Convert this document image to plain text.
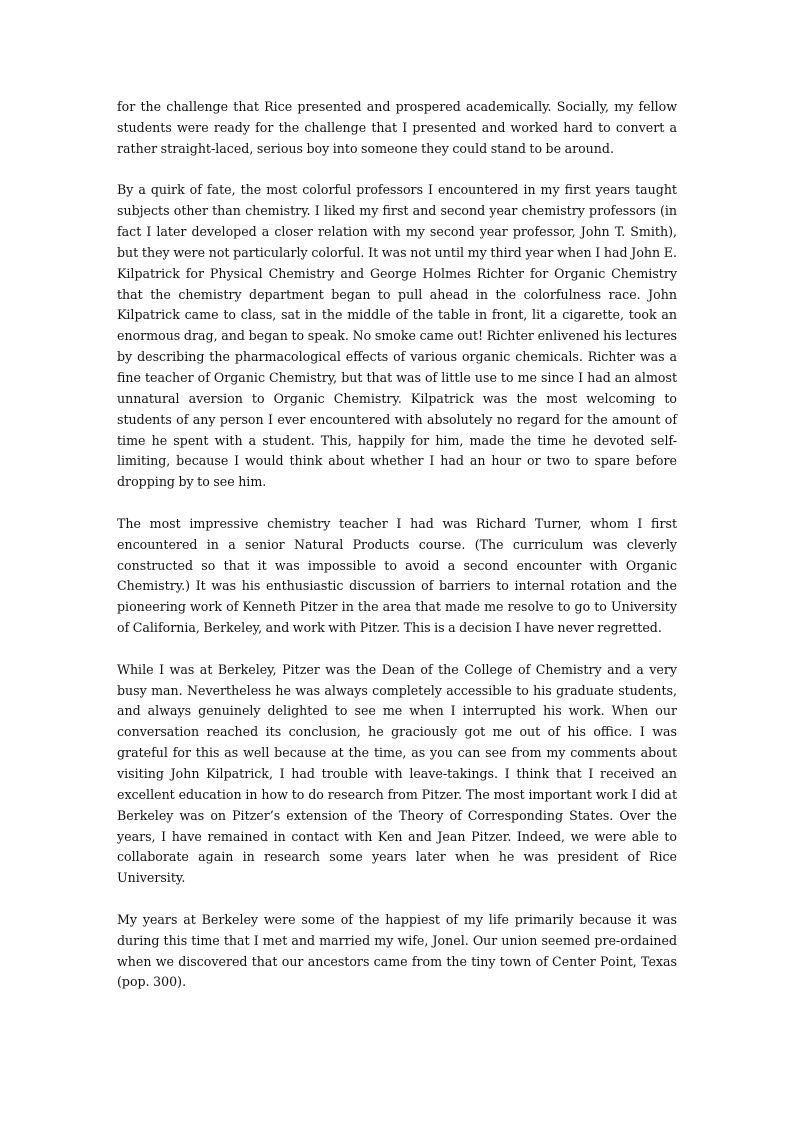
for the challenge that Rice presented and prospered academically. Socially, my fellow students were ready for the challenge that I presented and worked hard to convert a rather straight-laced, serious boy into someone they could stand to be around.

By a quirk of fate, the most colorful professors I encountered in my first years taught subjects other than chemistry. I liked my first and second year chemistry professors (in fact I later developed a closer relation with my second year professor, John T. Smith), but they were not particularly colorful. It was not until my third year when I had John E. Kilpatrick for Physical Chemistry and George Holmes Richter for Organic Chemistry that the chemistry department began to pull ahead in the colorfulness race. John Kilpatrick came to class, sat in the middle of the table in front, lit a cigarette, took an enormous drag, and began to speak. No smoke came out! Richter enlivened his lectures by describing the pharmacological effects of various organic chemicals. Richter was a fine teacher of Organic Chemistry, but that was of little use to me since I had an almost unnatural aversion to Organic Chemistry. Kilpatrick was the most welcoming to students of any person I ever encountered with absolutely no regard for the amount of time he spent with a student. This, happily for him, made the time he devoted self-limiting, because I would think about whether I had an hour or two to spare before dropping by to see him.

The most impressive chemistry teacher I had was Richard Turner, whom I first encountered in a senior Natural Products course. (The curriculum was cleverly constructed so that it was impossible to avoid a second encounter with Organic Chemistry.) It was his enthusiastic discussion of barriers to internal rotation and the pioneering work of Kenneth Pitzer in the area that made me resolve to go to University of California, Berkeley, and work with Pitzer. This is a decision I have never regretted.

While I was at Berkeley, Pitzer was the Dean of the College of Chemistry and a very busy man. Nevertheless he was always completely accessible to his graduate students, and always genuinely delighted to see me when I interrupted his work. When our conversation reached its conclusion, he graciously got me out of his office. I was grateful for this as well because at the time, as you can see from my comments about visiting John Kilpatrick, I had trouble with leave-takings. I think that I received an excellent education in how to do research from Pitzer. The most important work I did at Berkeley was on Pitzer’s extension of the Theory of Corresponding States. Over the years, I have remained in contact with Ken and Jean Pitzer. Indeed, we were able to collaborate again in research some years later when he was president of Rice University.

My years at Berkeley were some of the happiest of my life primarily because it was during this time that I met and married my wife, Jonel. Our union seemed pre-ordained when we discovered that our ancestors came from the tiny town of Center Point, Texas (pop. 300).
